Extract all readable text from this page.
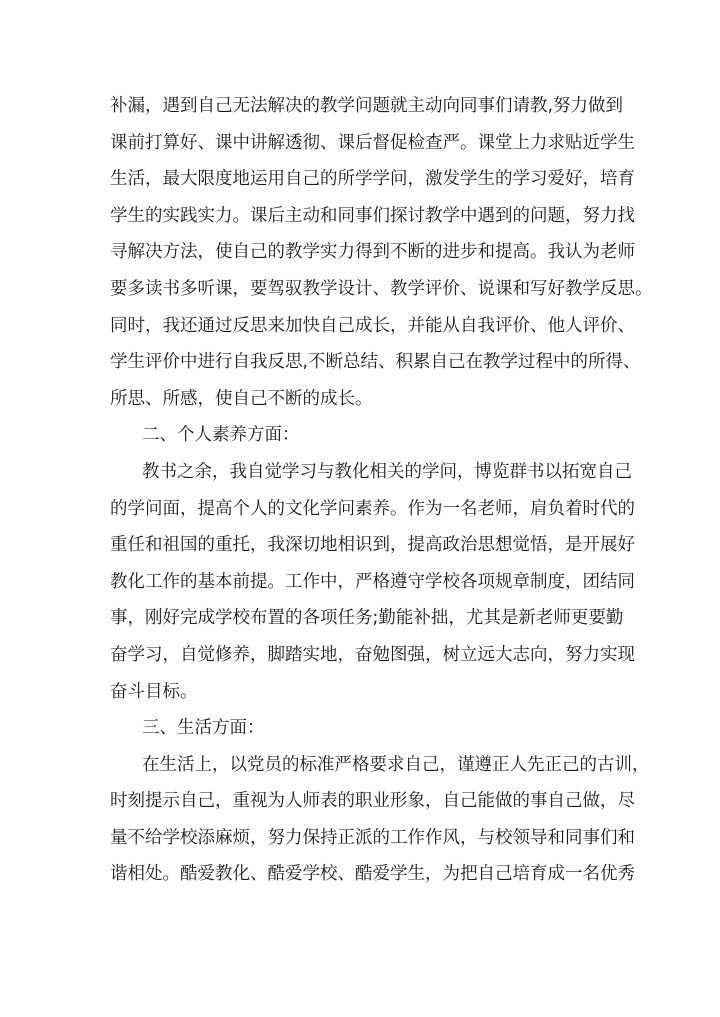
补漏，遇到自己无法解决的教学问题就主动向同事们请教,努力做到
课前打算好、课中讲解透彻、课后督促检查严。课堂上力求贴近学生
生活，最大限度地运用自己的所学学问，激发学生的学习爱好，培育
学生的实践实力。课后主动和同事们探讨教学中遇到的问题，努力找
寻解决方法，使自己的教学实力得到不断的进步和提高。我认为老师
要多读书多听课，要驾驭教学设计、教学评价、说课和写好教学反思。
同时，我还通过反思来加快自己成长，并能从自我评价、他人评价、
学生评价中进行自我反思,不断总结、积累自己在教学过程中的所得、
所思、所感，使自己不断的成长。
二、个人素养方面：
教书之余，我自觉学习与教化相关的学问，博览群书以拓宽自己
的学问面，提高个人的文化学问素养。作为一名老师，肩负着时代的
重任和祖国的重托，我深切地相识到，提高政治思想觉悟，是开展好
教化工作的基本前提。工作中，严格遵守学校各项规章制度，团结同
事，刚好完成学校布置的各项任务;勤能补拙，尤其是新老师更要勤
奋学习，自觉修养，脚踏实地，奋勉图强，树立远大志向，努力实现
奋斗目标。
三、生活方面：
在生活上，以党员的标准严格要求自己，谨遵正人先正己的古训，
时刻提示自己，重视为人师表的职业形象，自己能做的事自己做，尽
量不给学校添麻烦，努力保持正派的工作作风，与校领导和同事们和
谐相处。酷爱教化、酷爱学校、酷爱学生，为把自己培育成一名优秀
